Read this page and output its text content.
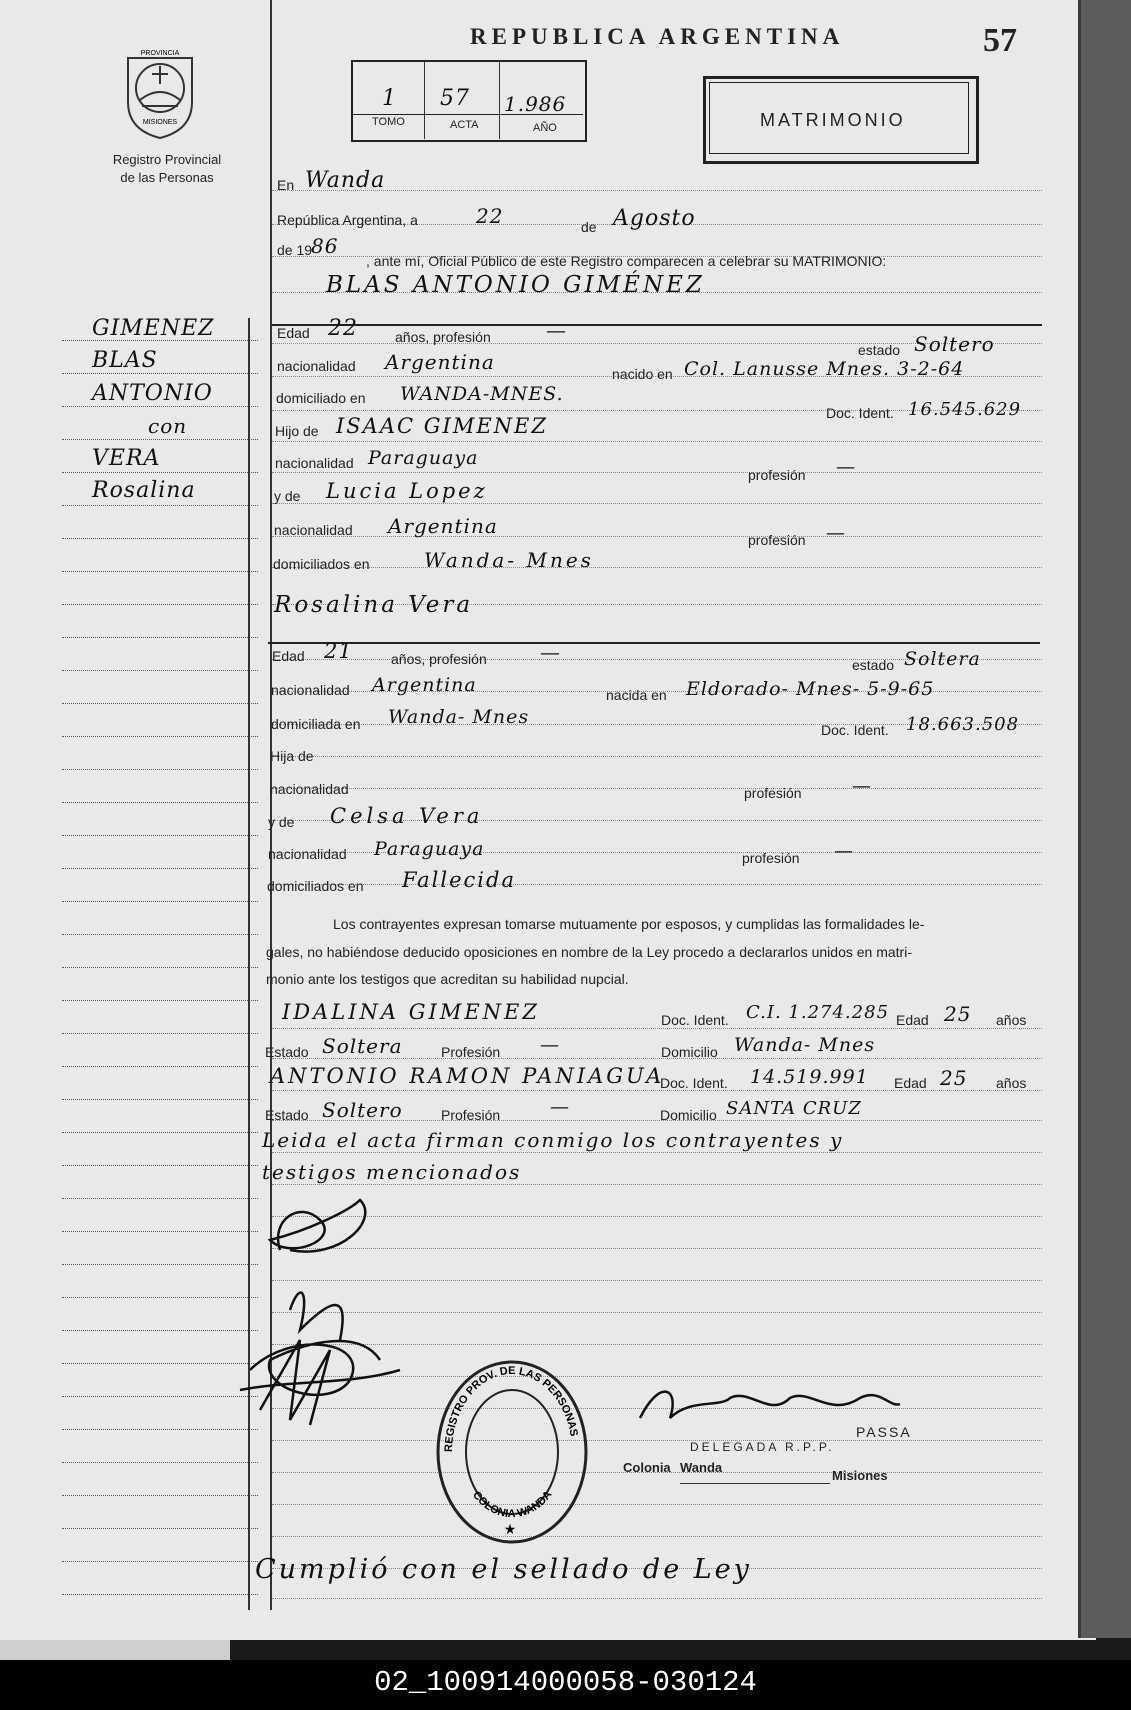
PROVINCIA
MISIONES
Registro Provincial
de las Personas
GIMENEZ
BLAS
ANTONIO
con
VERA
Rosalina
REPUBLICA ARGENTINA	57
1 57 1.986
TOMO	ACTA	AÑO	MATRIMONIO
En Wanda
República Argentina, a	22	de Agosto
de 19
86
, ante mí, Oficial Público de este Registro comparecen a celebrar su MATRIMONIO:
BLAS ANTONIO GIMÉNEZ
Edad 22	años, profesión	—
estado Soltero
nacionalidad Argentina	nacido en Col. Lanusse Mnes. 3-2-64
domiciliado en WANDA-MNES.
Doc. Ident. 16.545.629
Hijo de ISAAC GIMENEZ
nacionalidad Paraguaya
profesión —
y de Lucia Lopez
nacionalidad Argentina
profesión —
domiciliados en	Wanda- Mnes
Rosalina Vera
Edad 21	años, profesión	—
estado Soltera
nacionalidad Argentina	nacida en Eldorado- Mnes- 5-9-65
domiciliada en Wanda- Mnes
Doc. Ident. 18.663.508
Hija de
nacionalidad	profesión	—
y de Celsa Vera
nacionalidad Paraguaya	profesión —
domiciliados en Fallecida
Los contrayentes expresan tomarse mutuamente por esposos, y cumplidas las formalidades le-
gales, no habiéndose deducido oposiciones en nombre de la Ley procedo a declararlos unidos en matri-
monio ante los testigos que acreditan su habilidad nupcial.
IDALINA GIMENEZ	Doc. Ident. C.I. 1.274.285 Edad 25 años
Estado Soltera	Profesión —	Domicilio Wanda- Mnes
ANTONIO RAMON PANIAGUA
Doc. Ident. 14.519.991 Edad 25 años
Estado Soltero	Profesión	—	Domicilio SANTA CRUZ
Leida el acta firman conmigo los contrayentes y
testigos mencionados
REGISTRO PROV. DE LAS PERSONAS
COLONIA WANDA
★
PASSA
DELEGADA R.P.P.
Colonia Wanda
Misiones
Cumplió con el sellado de Ley
02_100914000058-030124
